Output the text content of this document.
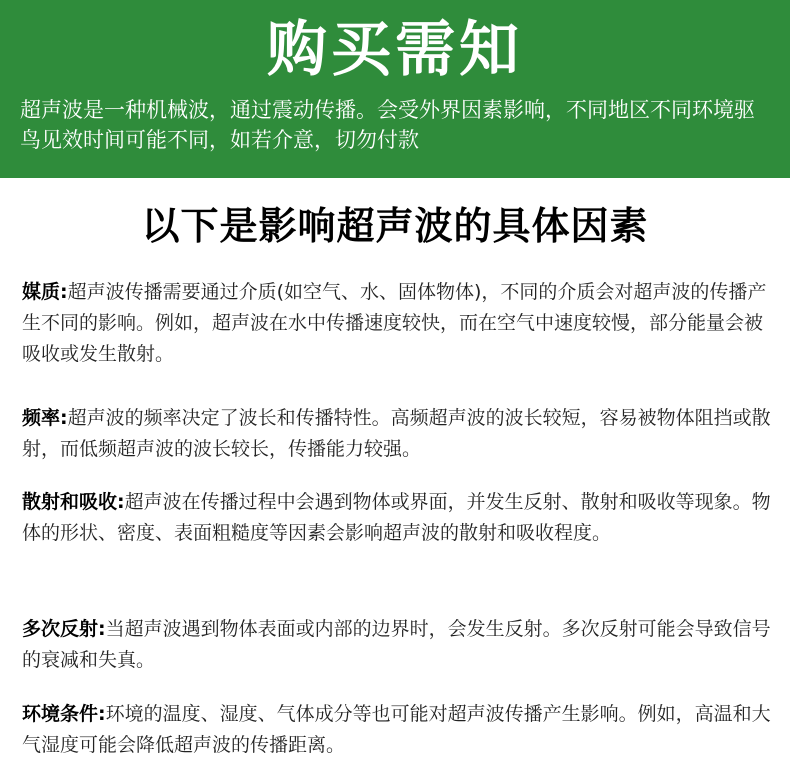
购买需知
超声波是一种机械波，通过震动传播。会受外界因素影响，不同地区不同环境驱鸟见效时间可能不同，如若介意，切勿付款
以下是影响超声波的具体因素
媒质:超声波传播需要通过介质(如空气、水、固体物体)，不同的介质会对超声波的传播产生不同的影响。例如，超声波在水中传播速度较快，而在空气中速度较慢，部分能量会被吸收或发生散射。
频率:超声波的频率决定了波长和传播特性。高频超声波的波长较短，容易被物体阻挡或散射，而低频超声波的波长较长，传播能力较强。
散射和吸收:超声波在传播过程中会遇到物体或界面，并发生反射、散射和吸收等现象。物体的形状、密度、表面粗糙度等因素会影响超声波的散射和吸收程度。
多次反射:当超声波遇到物体表面或内部的边界时，会发生反射。多次反射可能会导致信号的衰减和失真。
环境条件:环境的温度、湿度、气体成分等也可能对超声波传播产生影响。例如，高温和大气湿度可能会降低超声波的传播距离。
